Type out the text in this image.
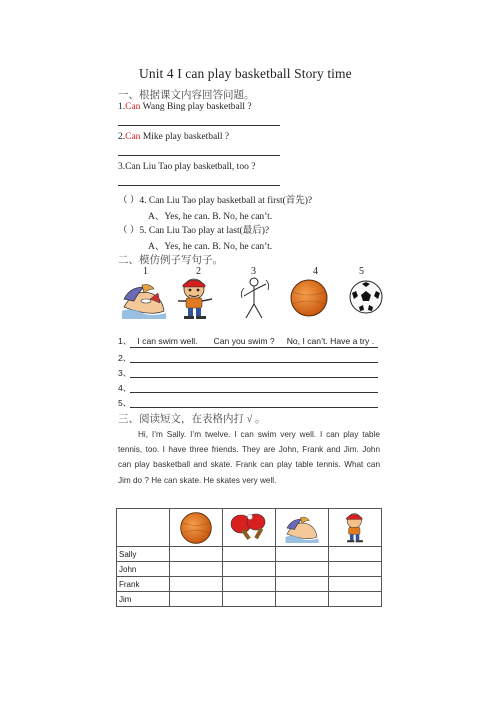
Unit 4 I can play basketball Story time
一、根据课文内容回答问题。
1.Can Wang Bing play basketball ?
2.Can Mike play basketball ?
3.Can Liu Tao play basketball, too ?
（ ）4. Can Liu Tao play basketball at first(首先)?
A、Yes, he can. B. No, he can’t.
（ ）5. Can Liu Tao play at last(最后)?
A、Yes, he can. B. No, he can’t.
二、模仿例子写句子。
1	2	3	4	5
1、 I can swim well. Can you swim ? No, I can’t. Have a try .
2、
3、
4、
5、
三、阅读短文，在表格内打 √ 。
Hi, I’m Sally. I’m twelve. I can swim very well. I can play table tennis, too. I have three friends. They are John, Frank and Jim. John can play basketball and skate. Frank can play table tennis. What can Jim do ? He can skate. He skates very well.

Sally				
John				
Frank				
Jim				
